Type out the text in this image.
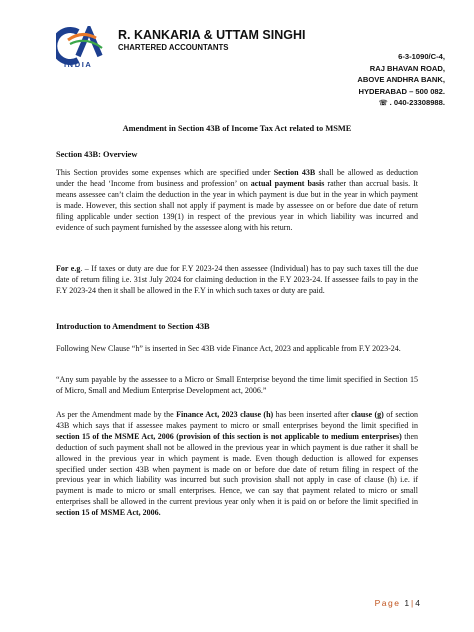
INDIA
R. KANKARIA & UTTAM SINGHI
CHARTERED ACCOUNTANTS
6-3-1090/C-4,
RAJ BHAVAN ROAD,
ABOVE ANDHRA BANK,
HYDERABAD – 500 082.
☏ . 040-23308988.
Amendment in Section 43B of Income Tax Act related to MSME
Section 43B: Overview
This Section provides some expenses which are specified under Section 43B shall be allowed as deduction under the head ‘Income from business and profession’ on actual payment basis rather than accrual basis. It means assessee can’t claim the deduction in the year in which payment is due but in the year in which payment is made. However, this section shall not apply if payment is made by assessee on or before due date of return filing applicable under section 139(1) in respect of the previous year in which liability was incurred and evidence of such payment furnished by the assessee along with his return.
For e.g. – If taxes or duty are due for F.Y 2023-24 then assessee (Individual) has to pay such taxes till the due date of return filing i.e. 31st July 2024 for claiming deduction in the F.Y 2023-24. If assessee fails to pay in the F.Y 2023-24 then it shall be allowed in the F.Y in which such taxes or duty are paid.
Introduction to Amendment to Section 43B
Following New Clause “h” is inserted in Sec 43B vide Finance Act, 2023 and applicable from F.Y 2023-24.
“Any sum payable by the assessee to a Micro or Small Enterprise beyond the time limit specified in Section 15 of Micro, Small and Medium Enterprise Development act, 2006.”
As per the Amendment made by the Finance Act, 2023 clause (h) has been inserted after clause (g) of section 43B which says that if assessee makes payment to micro or small enterprises beyond the limit specified in section 15 of the MSME Act, 2006 (provision of this section is not applicable to medium enterprises) then deduction of such payment shall not be allowed in the previous year in which payment is due rather it shall be allowed in the previous year in which payment is made. Even though deduction is allowed for expenses specified under section 43B when payment is made on or before due date of return filing in respect of the previous year in which liability was incurred but such provision shall not apply in case of clause (h) i.e. if payment is made to micro or small enterprises. Hence, we can say that payment related to micro or small enterprises shall be allowed in the current previous year only when it is paid on or before the limit specified in section 15 of MSME Act, 2006.
Page 1 | 4
